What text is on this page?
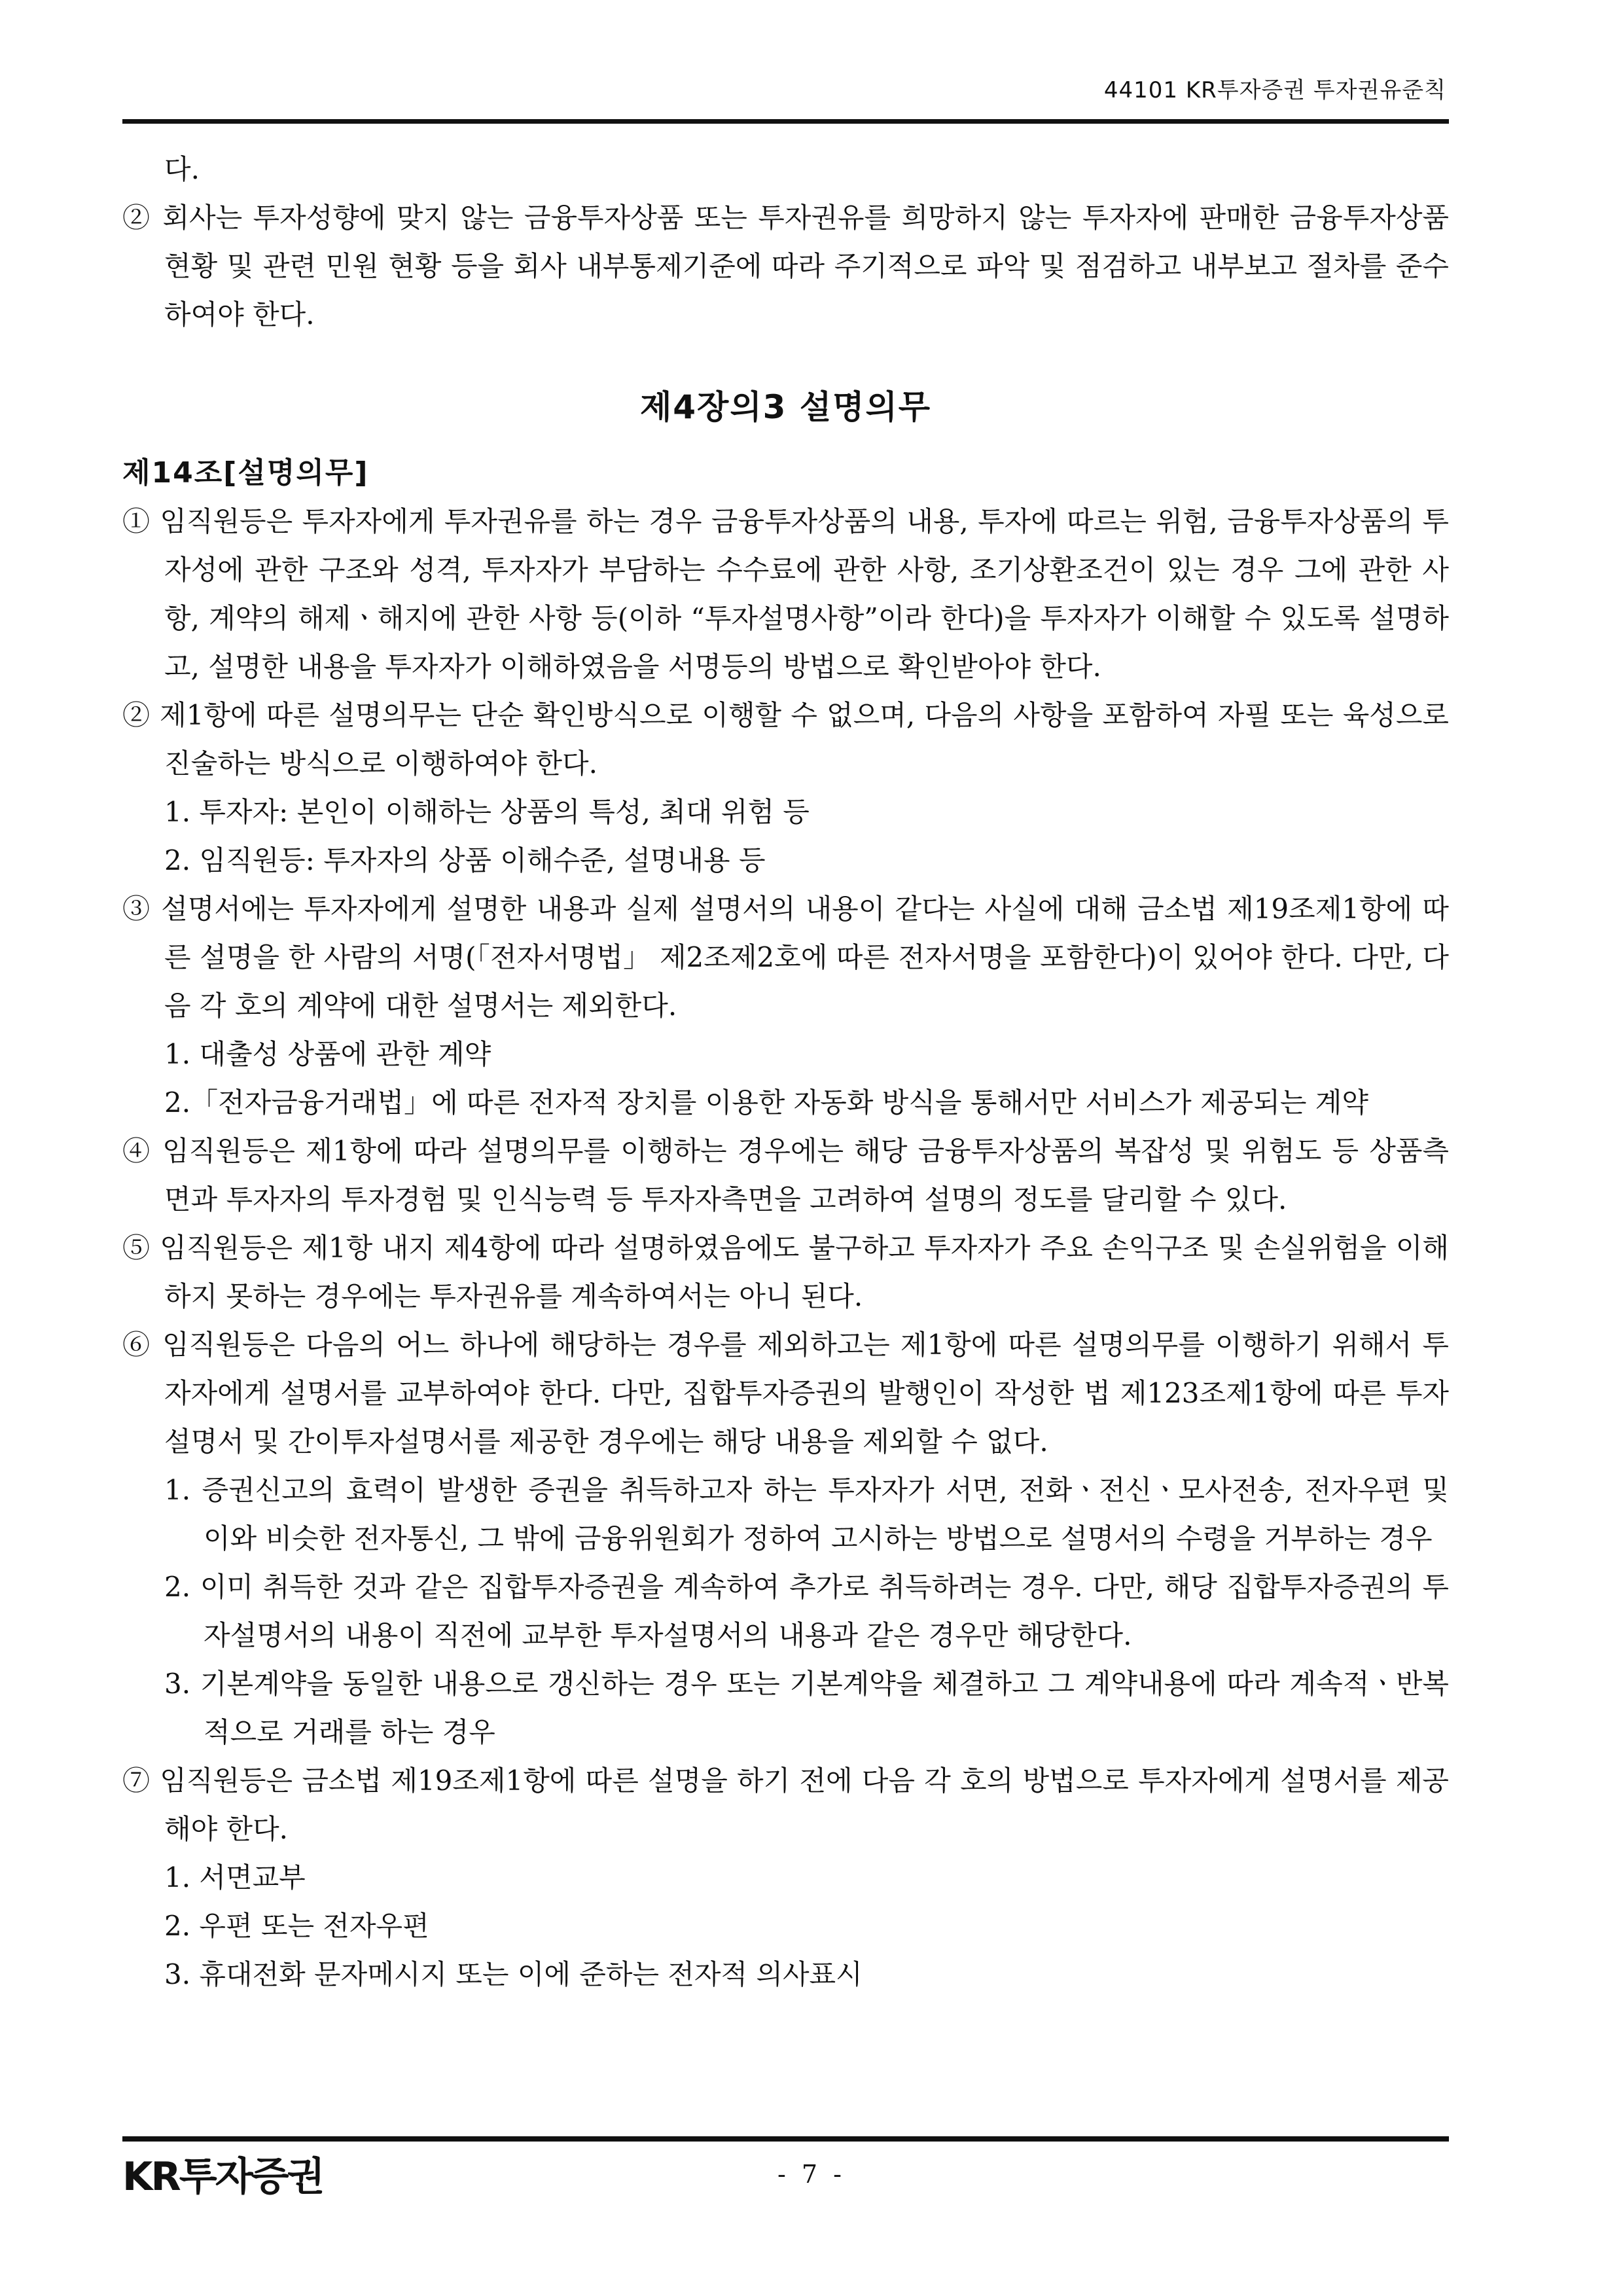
44101 KR투자증권 투자권유준칙

다.

② 회사는 투자성향에 맞지 않는 금융투자상품 또는 투자권유를 희망하지 않는 투자자에 판매한 금융투자상품 현황 및 관련 민원 현황 등을 회사 내부통제기준에 따라 주기적으로 파악 및 점검하고 내부보고 절차를 준수하여야 한다.

제4장의3 설명의무
제14조[설명의무]

① 임직원등은 투자자에게 투자권유를 하는 경우 금융투자상품의 내용, 투자에 따르는 위험, 금융투자상품의 투자성에 관한 구조와 성격, 투자자가 부담하는 수수료에 관한 사항, 조기상환조건이 있는 경우 그에 관한 사항, 계약의 해제ㆍ해지에 관한 사항 등(이하 “투자설명사항”이라 한다)을 투자자가 이해할 수 있도록 설명하고, 설명한 내용을 투자자가 이해하였음을 서명등의 방법으로 확인받아야 한다.

② 제1항에 따른 설명의무는 단순 확인방식으로 이행할 수 없으며, 다음의 사항을 포함하여 자필 또는 육성으로 진술하는 방식으로 이행하여야 한다.

1. 투자자: 본인이 이해하는 상품의 특성, 최대 위험 등

2. 임직원등: 투자자의 상품 이해수준, 설명내용 등

③ 설명서에는 투자자에게 설명한 내용과 실제 설명서의 내용이 같다는 사실에 대해 금소법 제19조제1항에 따른 설명을 한 사람의 서명(「전자서명법」 제2조제2호에 따른 전자서명을 포함한다)이 있어야 한다. 다만, 다음 각 호의 계약에 대한 설명서는 제외한다.

1. 대출성 상품에 관한 계약

2.「전자금융거래법」에 따른 전자적 장치를 이용한 자동화 방식을 통해서만 서비스가 제공되는 계약

④ 임직원등은 제1항에 따라 설명의무를 이행하는 경우에는 해당 금융투자상품의 복잡성 및 위험도 등 상품측면과 투자자의 투자경험 및 인식능력 등 투자자측면을 고려하여 설명의 정도를 달리할 수 있다.

⑤ 임직원등은 제1항 내지 제4항에 따라 설명하였음에도 불구하고 투자자가 주요 손익구조 및 손실위험을 이해하지 못하는 경우에는 투자권유를 계속하여서는 아니 된다.

⑥ 임직원등은 다음의 어느 하나에 해당하는 경우를 제외하고는 제1항에 따른 설명의무를 이행하기 위해서 투자자에게 설명서를 교부하여야 한다. 다만, 집합투자증권의 발행인이 작성한 법 제123조제1항에 따른 투자설명서 및 간이투자설명서를 제공한 경우에는 해당 내용을 제외할 수 없다.

1. 증권신고의 효력이 발생한 증권을 취득하고자 하는 투자자가 서면, 전화ㆍ전신ㆍ모사전송, 전자우편 및 이와 비슷한 전자통신, 그 밖에 금융위원회가 정하여 고시하는 방법으로 설명서의 수령을 거부하는 경우

2. 이미 취득한 것과 같은 집합투자증권을 계속하여 추가로 취득하려는 경우. 다만, 해당 집합투자증권의 투자설명서의 내용이 직전에 교부한 투자설명서의 내용과 같은 경우만 해당한다.

3. 기본계약을 동일한 내용으로 갱신하는 경우 또는 기본계약을 체결하고 그 계약내용에 따라 계속적ㆍ반복적으로 거래를 하는 경우

⑦ 임직원등은 금소법 제19조제1항에 따른 설명을 하기 전에 다음 각 호의 방법으로 투자자에게 설명서를 제공해야 한다.

1. 서면교부

2. 우편 또는 전자우편

3. 휴대전화 문자메시지 또는 이에 준하는 전자적 의사표시

KR투자증권	- 7 -
